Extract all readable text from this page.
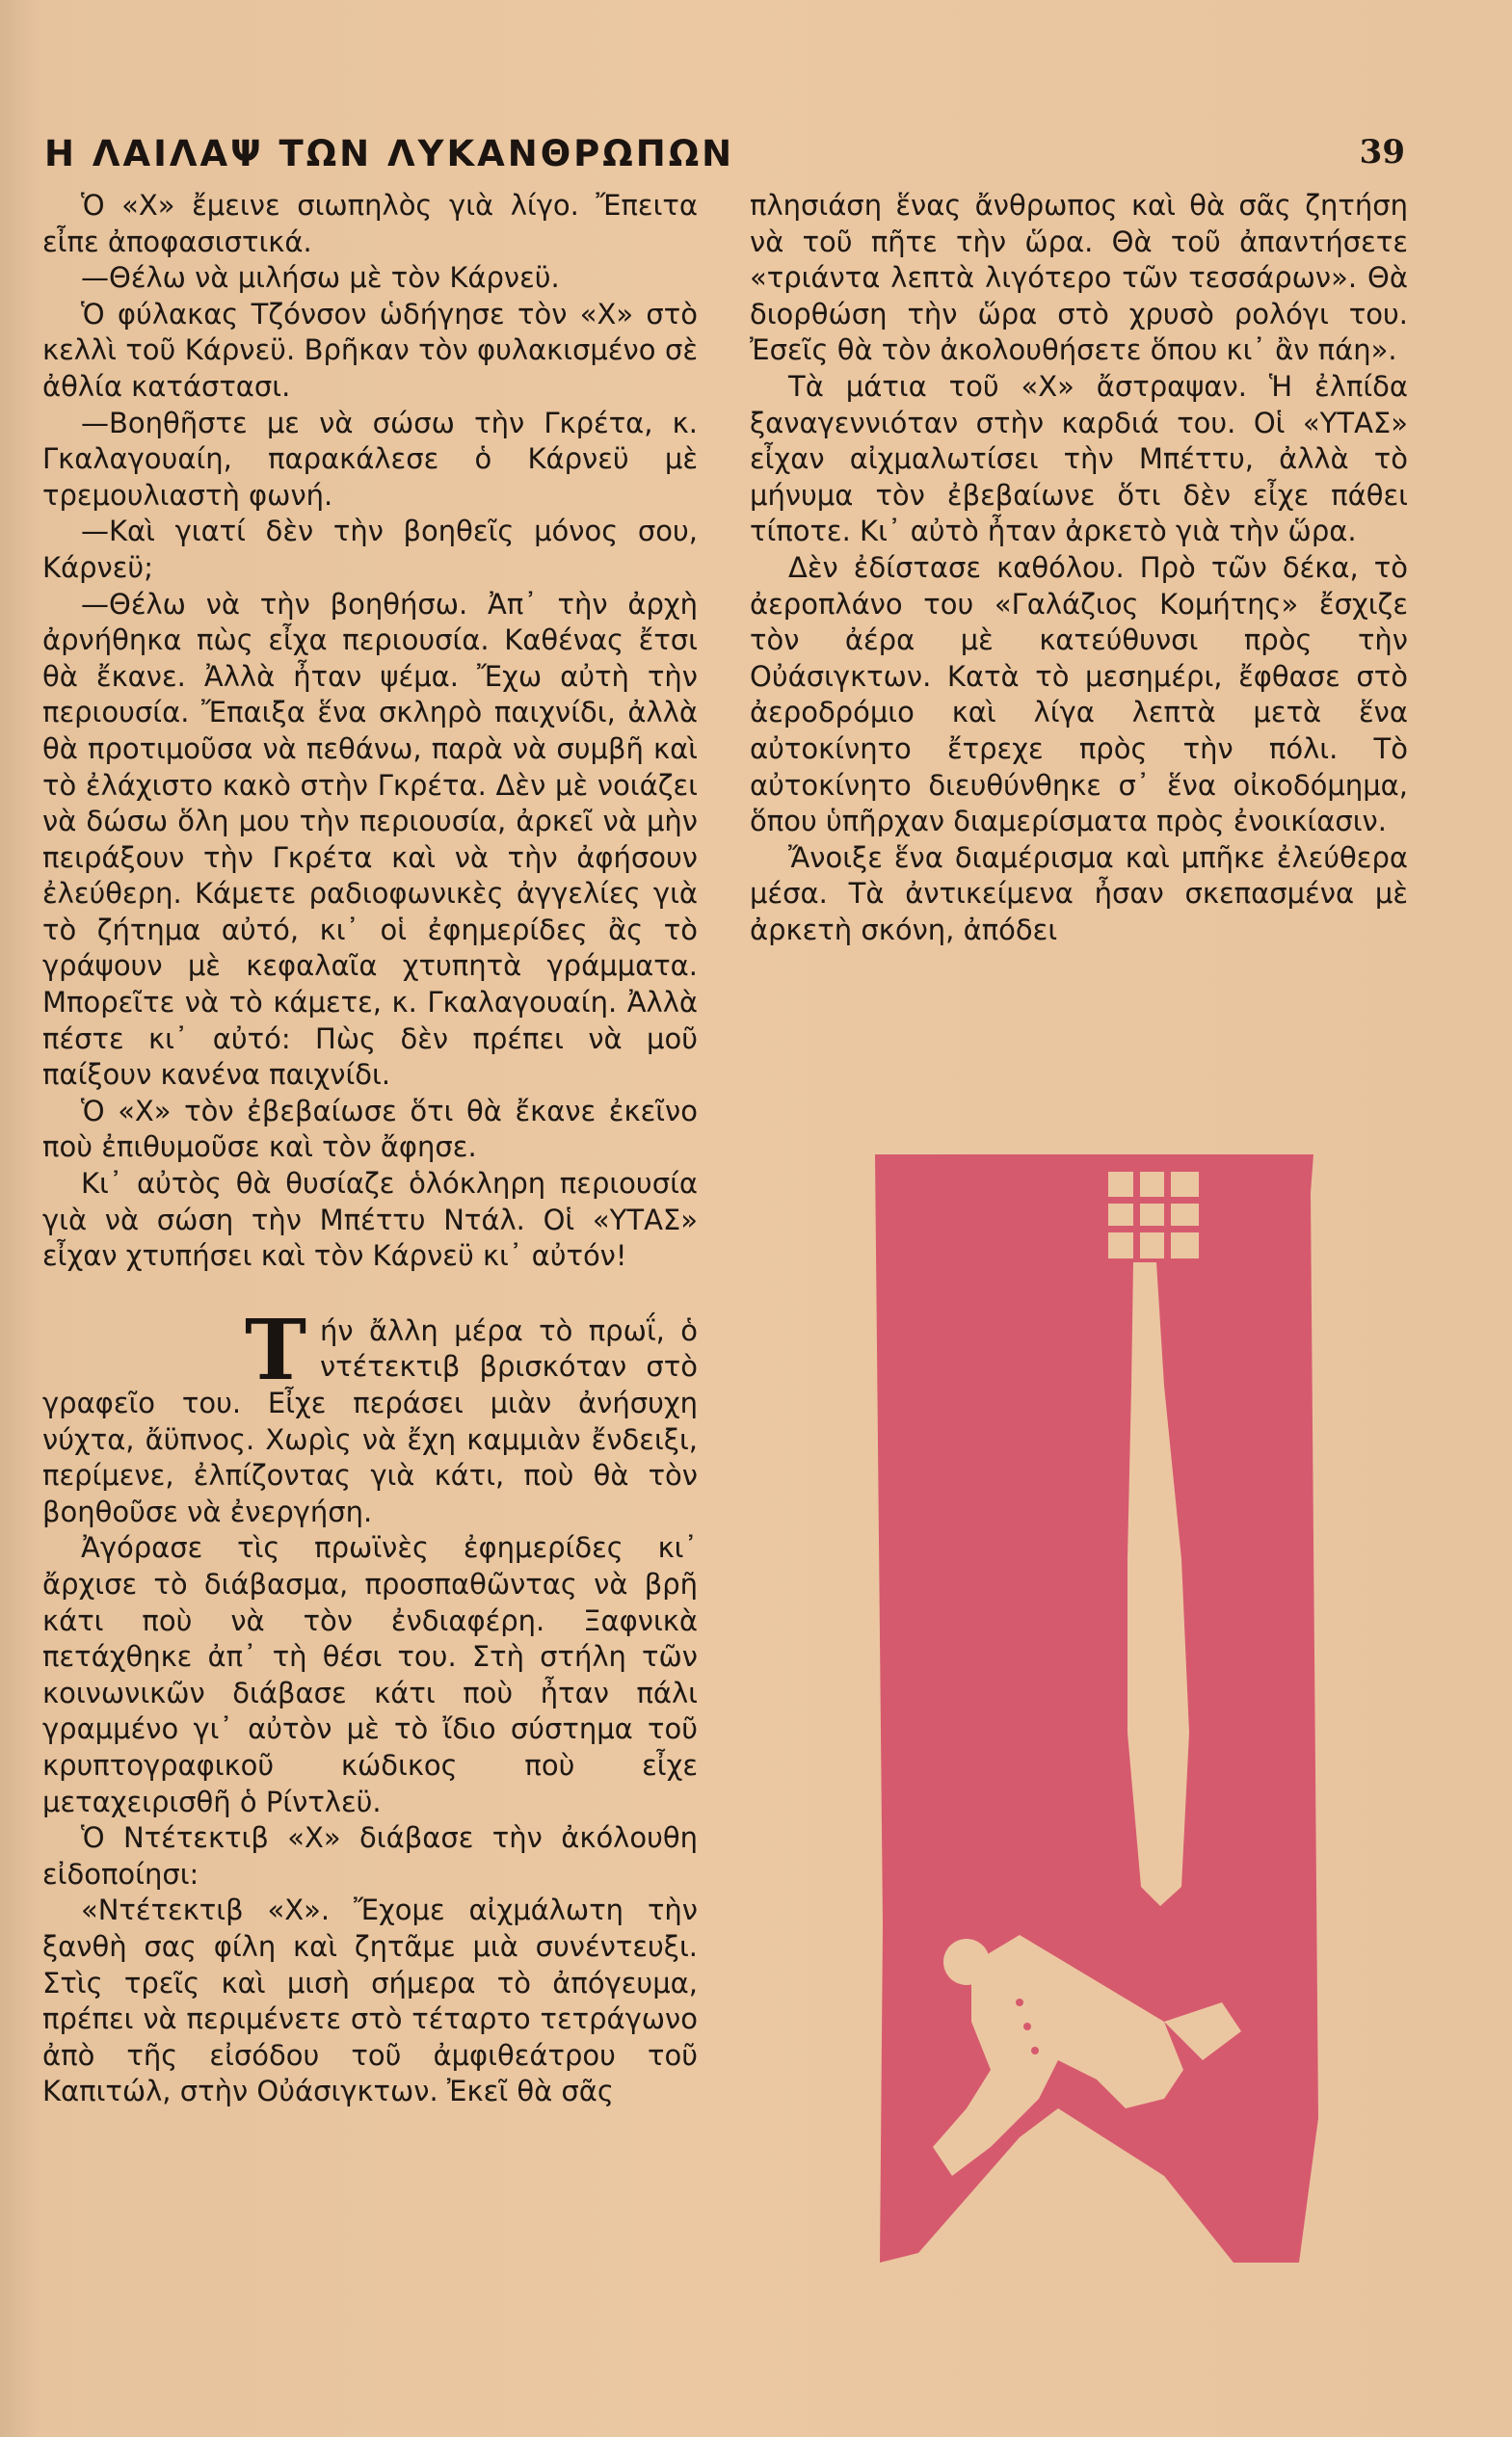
Η ΛΑΙΛΑΨ ΤΩΝ ΛΥΚΑΝΘΡΩΠΩΝ	39

Ὁ «Χ» ἔμεινε σιωπηλὸς γιὰ λίγο. Ἔπειτα εἶπε ἀποφασιστικά.

—Θέλω νὰ μιλήσω μὲ τὸν Κάρνεϋ.

Ὁ φύλακας Τζόνσον ὡδήγησε τὸν «Χ» στὸ κελλὶ τοῦ Κάρνεϋ. Βρῆκαν τὸν φυλακισμένο σὲ ἀθλία κατάστασι.

—Βοηθῆστε με νὰ σώσω τὴν Γκρέτα, κ. Γκαλαγουαίη, παρακάλεσε ὁ Κάρνεϋ μὲ τρεμουλιαστὴ φωνή.

—Καὶ γιατί δὲν τὴν βοηθεῖς μόνος σου, Κάρνεϋ;

—Θέλω νὰ τὴν βοηθήσω. Ἀπ᾽ τὴν ἀρχὴ ἀρνήθηκα πὼς εἶχα περιουσία. Καθένας ἔτσι θὰ ἔκανε. Ἀλλὰ ἦταν ψέμα. Ἔχω αὐτὴ τὴν περιουσία. Ἔπαιξα ἕνα σκληρὸ παιχνίδι, ἀλλὰ θὰ προτιμοῦσα νὰ πεθάνω, παρὰ νὰ συμβῆ καὶ τὸ ἐλάχιστο κακὸ στὴν Γκρέτα. Δὲν μὲ νοιάζει νὰ δώσω ὅλη μου τὴν περιουσία, ἀρκεῖ νὰ μὴν πειράξουν τὴν Γκρέτα καὶ νὰ τὴν ἀφήσουν ἐλεύθερη. Κάμετε ραδιοφωνικὲς ἀγγελίες γιὰ τὸ ζήτημα αὐτό, κι᾽ οἱ ἐφημερίδες ἂς τὸ γράψουν μὲ κεφαλαῖα χτυπητὰ γράμματα. Μπορεῖτε νὰ τὸ κάμετε, κ. Γκαλαγουαίη. Ἀλλὰ πέστε κι᾽ αὐτό: Πὼς δὲν πρέπει νὰ μοῦ παίξουν κανένα παιχνίδι.

Ὁ «Χ» τὸν ἐβεβαίωσε ὅτι θὰ ἔκανε ἐκεῖνο ποὺ ἐπιθυμοῦσε καὶ τὸν ἄφησε.

Κι᾽ αὐτὸς θὰ θυσίαζε ὁλόκληρη περιουσία γιὰ νὰ σώση τὴν Μπέττυ Ντάλ. Οἱ «ΥΤΑΣ» εἶχαν χτυπήσει καὶ τὸν Κάρνεϋ κι᾽ αὐτόν!

Τήν ἄλλη μέρα τὸ πρωΐ, ὁ ντέτεκτιβ βρισκόταν στὸ γραφεῖο του. Εἶχε περάσει μιὰν ἀνήσυχη νύχτα, ἄϋπνος. Χωρὶς νὰ ἔχη καμμιὰν ἔνδειξι, περίμενε, ἐλπίζοντας γιὰ κάτι, ποὺ θὰ τὸν βοηθοῦσε νὰ ἐνεργήση.

Ἀγόρασε τὶς πρωϊνὲς ἐφημερίδες κι᾽ ἄρχισε τὸ διάβασμα, προσπαθῶντας νὰ βρῆ κάτι ποὺ νὰ τὸν ἐνδιαφέρη. Ξαφνικὰ πετάχθηκε ἀπ᾽ τὴ θέσι του. Στὴ στήλη τῶν κοινωνικῶν διάβασε κάτι ποὺ ἦταν πάλι γραμμένο γι᾽ αὐτὸν μὲ τὸ ἴδιο σύστημα τοῦ κρυπτογραφικοῦ κώδικος ποὺ εἶχε μεταχειρισθῆ ὁ Ρίντλεϋ.

Ὁ Ντέτεκτιβ «Χ» διάβασε τὴν ἀκόλουθη εἰδοποίησι:

«Ντέτεκτιβ «Χ». Ἔχομε αἰχμάλωτη τὴν ξανθὴ σας φίλη καὶ ζητᾶμε μιὰ συνέντευξι. Στὶς τρεῖς καὶ μισὴ σήμερα τὸ ἀπόγευμα, πρέπει νὰ περιμένετε στὸ τέταρτο τετράγωνο ἀπὸ τῆς εἰσόδου τοῦ ἀμφιθεάτρου τοῦ Καπιτώλ, στὴν Οὐάσιγκτων. Ἐκεῖ θὰ σᾶς

πλησιάση ἕνας ἄνθρωπος καὶ θὰ σᾶς ζητήση νὰ τοῦ πῆτε τὴν ὥρα. Θὰ τοῦ ἀπαντήσετε «τριάντα λεπτὰ λιγότερο τῶν τεσσάρων». Θὰ διορθώση τὴν ὥρα στὸ χρυσὸ ρολόγι του. Ἐσεῖς θὰ τὸν ἀκολουθήσετε ὅπου κι᾽ ἂν πάη».

Τὰ μάτια τοῦ «Χ» ἄστραψαν. Ἡ ἐλπίδα ξαναγεννιόταν στὴν καρδιά του. Οἱ «ΥΤΑΣ» εἶχαν αἰχμαλωτίσει τὴν Μπέττυ, ἀλλὰ τὸ μήνυμα τὸν ἐβεβαίωνε ὅτι δὲν εἶχε πάθει τίποτε. Κι᾽ αὐτὸ ἦταν ἀρκετὸ γιὰ τὴν ὥρα.

Δὲν ἐδίστασε καθόλου. Πρὸ τῶν δέκα, τὸ ἀεροπλάνο του «Γαλάζιος Κομήτης» ἔσχιζε τὸν ἀέρα μὲ κατεύθυνσι πρὸς τὴν Οὐάσιγκτων. Κατὰ τὸ μεσημέρι, ἔφθασε στὸ ἀεροδρόμιο καὶ λίγα λεπτὰ μετὰ ἕνα αὐτοκίνητο ἔτρεχε πρὸς τὴν πόλι. Τὸ αὐτοκίνητο διευθύνθηκε σ᾽ ἕνα οἰκοδόμημα, ὅπου ὑπῆρχαν διαμερίσματα πρὸς ἐνοικίασιν.

Ἄνοιξε ἕνα διαμέρισμα καὶ μπῆκε ἐλεύθερα μέσα. Τὰ ἀντικείμενα ἦσαν σκεπασμένα μὲ ἀρκετὴ σκόνη, ἀπόδει
